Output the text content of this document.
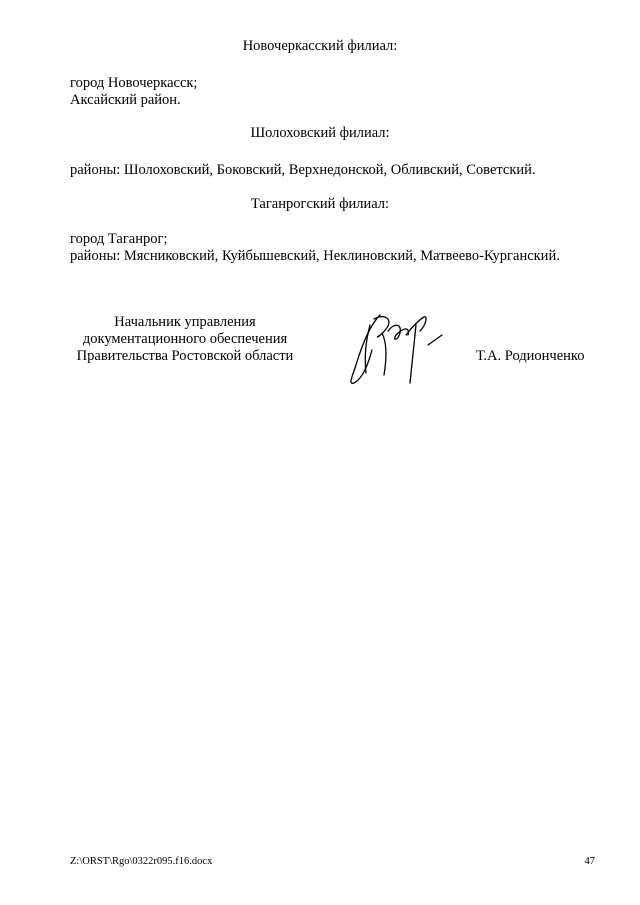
Новочеркасский филиал:
город Новочеркасск;
Аксайский район.
Шолоховский филиал:
районы: Шолоховский, Боковский, Верхнедонской, Обливский, Советский.
Таганрогский филиал:
город Таганрог;
районы: Мясниковский, Куйбышевский, Неклиновский, Матвеево-Курганский.
Начальник управления
документационного обеспечения
Правительства Ростовской области	Т.А. Родионченко
Z:\ORST\Rgo\0322r095.f16.docx	47
